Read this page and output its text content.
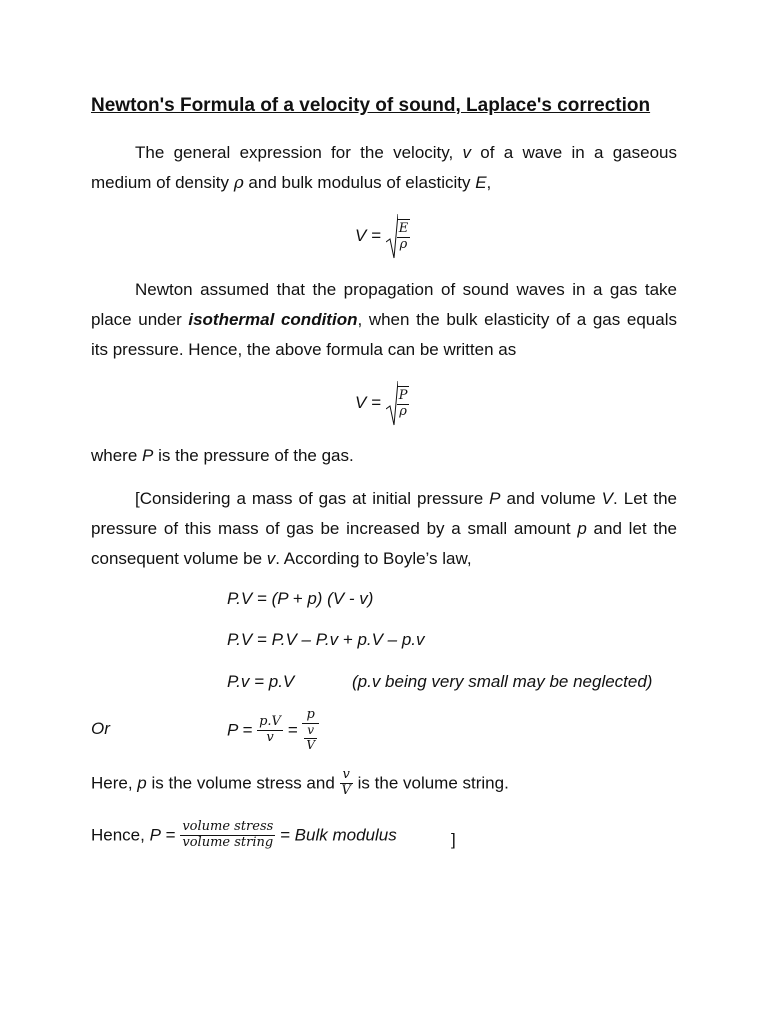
Newton's Formula of a velocity of sound, Laplace's correction
The general expression for the velocity, v of a wave in a gaseous medium of density ρ and bulk modulus of elasticity E,
$V = \frac{E}{\rho}$
Newton assumed that the propagation of sound waves in a gas take place under isothermal condition, when the bulk elasticity of a gas equals its pressure. Hence, the above formula can be written as
$V = \frac{P}{\rho}$
where P is the pressure of the gas.
[Considering a mass of gas at initial pressure P and volume V. Let the pressure of this mass of gas be increased by a small amount p and let the consequent volume be v. According to Boyle’s law,
P.V = (P + p) (V - v)
P.V = P.V – P.v + p.V – p.v
P.v = p.V	(p.v being very small may be neglected)
Or	$P = \frac{p.V}{v} = \frac{p}{\frac{v}{V}}$
Here, p is the volume stress and $\frac{v}{V}$ is the volume string.
Hence, $P = \frac{\text{volume stress}}{\text{volume string}}$ = Bulk modulus	]
